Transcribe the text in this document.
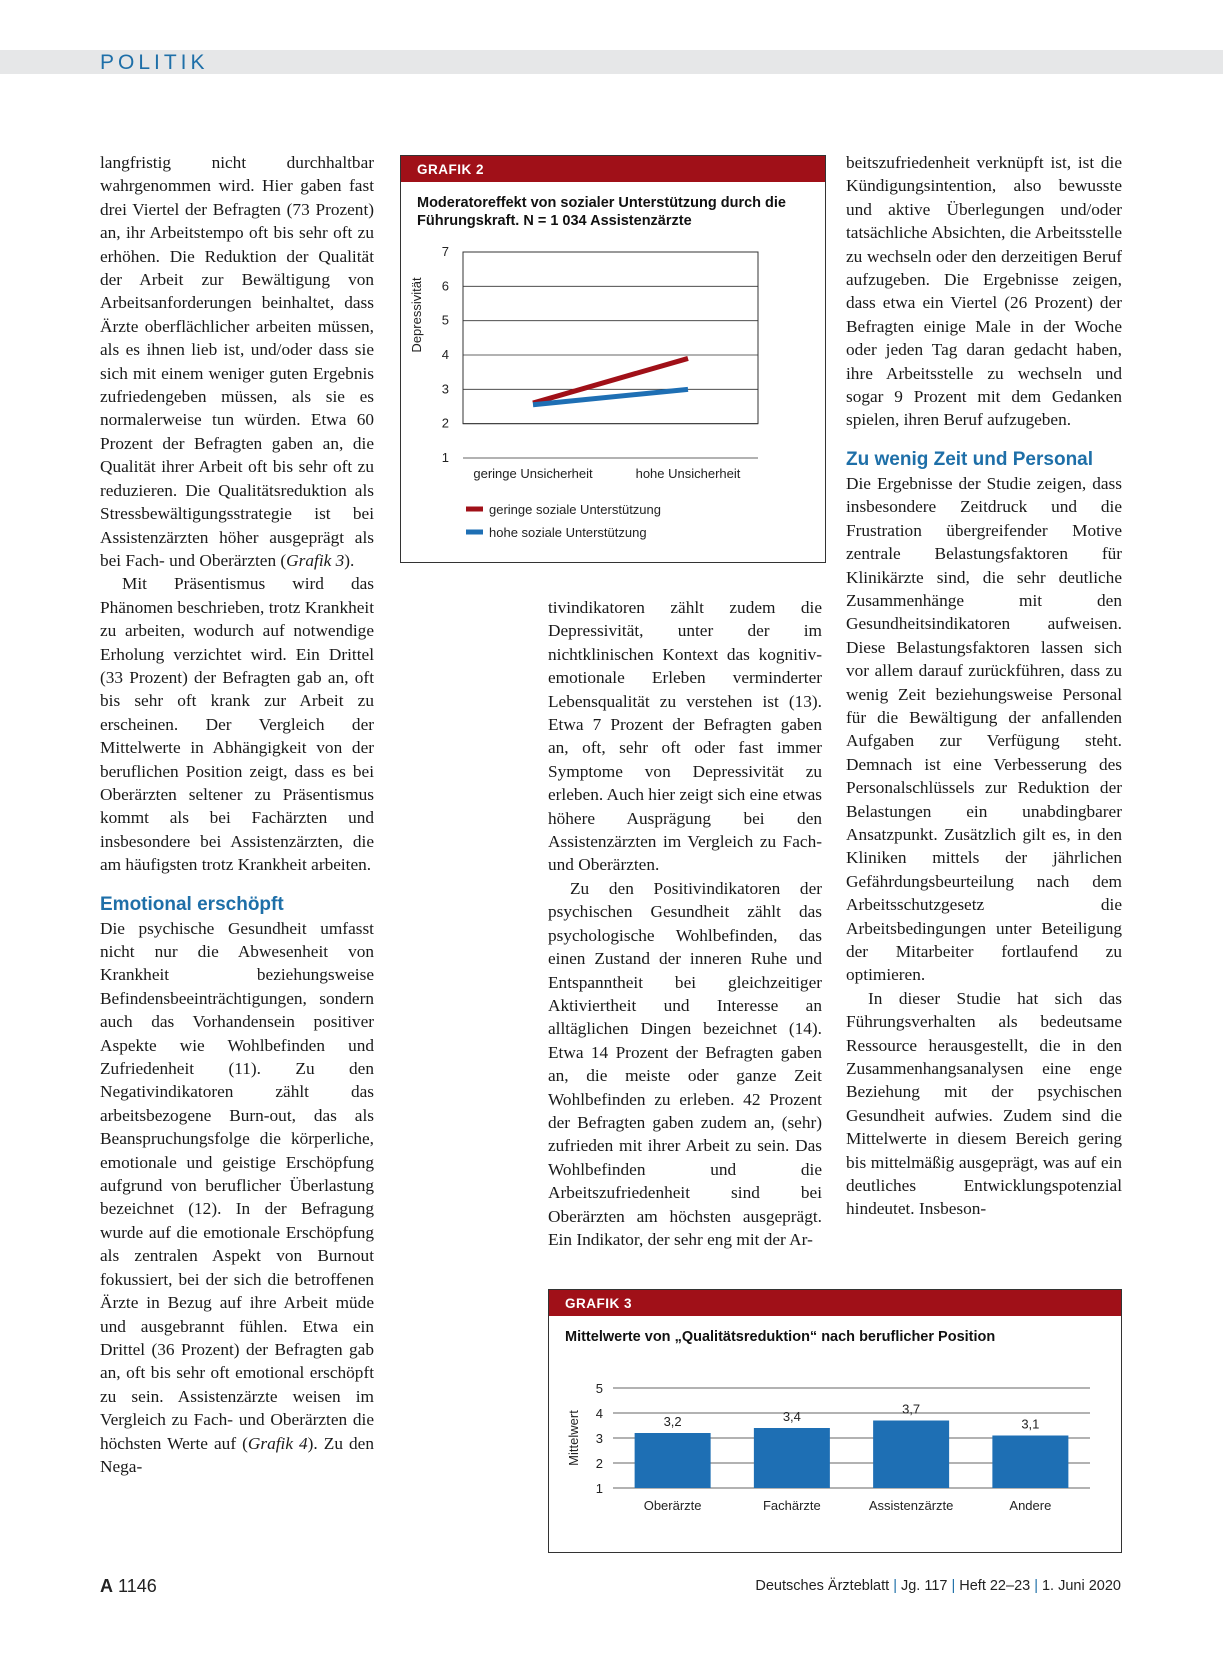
POLITIK

langfristig nicht durchhaltbar wahrgenommen wird. Hier gaben fast drei Viertel der Befragten (73 Prozent) an, ihr Arbeitstempo oft bis sehr oft zu erhöhen. Die Reduktion der Qualität der Arbeit zur Bewältigung von Arbeitsanforderungen beinhaltet, dass Ärzte oberflächlicher arbeiten müssen, als es ihnen lieb ist, und/oder dass sie sich mit einem weniger guten Ergebnis zufriedengeben müssen, als sie es normalerweise tun würden. Etwa 60 Prozent der Befragten gaben an, die Qualität ihrer Arbeit oft bis sehr oft zu reduzieren. Die Qualitätsreduktion als Stressbewältigungsstrategie ist bei Assistenzärzten höher ausgeprägt als bei Fach- und Oberärzten (Grafik 3).

Mit Präsentismus wird das Phänomen beschrieben, trotz Krankheit zu arbeiten, wodurch auf notwendige Erholung verzichtet wird. Ein Drittel (33 Prozent) der Befragten gab an, oft bis sehr oft krank zur Arbeit zu erscheinen. Der Vergleich der Mittelwerte in Abhängigkeit von der beruflichen Position zeigt, dass es bei Oberärzten seltener zu Präsentismus kommt als bei Fachärzten und insbesondere bei Assistenzärzten, die am häufigsten trotz Krankheit arbeiten.

Emotional erschöpft

Die psychische Gesundheit umfasst nicht nur die Abwesenheit von Krankheit beziehungsweise Befindensbeeinträchtigungen, sondern auch das Vorhandensein positiver Aspekte wie Wohlbefinden und Zufriedenheit (11). Zu den Negativindikatoren zählt das arbeitsbezogene Burn-out, das als Beanspruchungsfolge die körperliche, emotionale und geistige Erschöpfung aufgrund von beruflicher Überlastung bezeichnet (12). In der Befragung wurde auf die emotionale Erschöpfung als zentralen Aspekt von Burnout fokussiert, bei der sich die betroffenen Ärzte in Bezug auf ihre Arbeit müde und ausgebrannt fühlen. Etwa ein Drittel (36 Prozent) der Befragten gab an, oft bis sehr oft emotional erschöpft zu sein. Assistenzärzte weisen im Vergleich zu Fach- und Oberärzten die höchsten Werte auf (Grafik 4). Zu den Nega-

tivindikatoren zählt zudem die Depressivität, unter der im nichtklinischen Kontext das kognitiv-emotionale Erleben verminderter Lebensqualität zu verstehen ist (13). Etwa 7 Prozent der Befragten gaben an, oft, sehr oft oder fast immer Symptome von Depressivität zu erleben. Auch hier zeigt sich eine etwas höhere Ausprägung bei den Assistenzärzten im Vergleich zu Fach- und Oberärzten.

Zu den Positivindikatoren der psychischen Gesundheit zählt das psychologische Wohlbefinden, das einen Zustand der inneren Ruhe und Entspanntheit bei gleichzeitiger Aktiviertheit und Interesse an alltäglichen Dingen bezeichnet (14). Etwa 14 Prozent der Befragten gaben an, die meiste oder ganze Zeit Wohlbefinden zu erleben. 42 Prozent der Befragten gaben zudem an, (sehr) zufrieden mit ihrer Arbeit zu sein. Das Wohlbefinden und die Arbeitszufriedenheit sind bei Oberärzten am höchsten ausgeprägt. Ein Indikator, der sehr eng mit der Ar-

beitszufriedenheit verknüpft ist, ist die Kündigungsintention, also bewusste und aktive Überlegungen und/oder tatsächliche Absichten, die Arbeitsstelle zu wechseln oder den derzeitigen Beruf aufzugeben. Die Ergebnisse zeigen, dass etwa ein Viertel (26 Prozent) der Befragten einige Male in der Woche oder jeden Tag daran gedacht haben, ihre Arbeitsstelle zu wechseln und sogar 9 Prozent mit dem Gedanken spielen, ihren Beruf aufzugeben.

Zu wenig Zeit und Personal

Die Ergebnisse der Studie zeigen, dass insbesondere Zeitdruck und die Frustration übergreifender Motive zentrale Belastungsfaktoren für Klinikärzte sind, die sehr deutliche Zusammenhänge mit den Gesundheitsindikatoren aufweisen. Diese Belastungsfaktoren lassen sich vor allem darauf zurückführen, dass zu wenig Zeit beziehungsweise Personal für die Bewältigung der anfallenden Aufgaben zur Verfügung steht. Demnach ist eine Verbesserung des Personalschlüssels zur Reduktion der Belastungen ein unabdingbarer Ansatzpunkt. Zusätzlich gilt es, in den Kliniken mittels der jährlichen Gefährdungsbeurteilung nach dem Arbeitsschutzgesetz die Arbeitsbedingungen unter Beteiligung der Mitarbeiter fortlaufend zu optimieren.

In dieser Studie hat sich das Führungsverhalten als bedeutsame Ressource herausgestellt, die in den Zusammenhangsanalysen eine enge Beziehung mit der psychischen Gesundheit aufwies. Zudem sind die Mittelwerte in diesem Bereich gering bis mittelmäßig ausgeprägt, was auf ein deutliches Entwicklungspotenzial hindeutet. Insbeson-

GRAFIK 2
Moderatoreffekt von sozialer Unterstützung durch die Führungskraft. N = 1 034 Assistenzärzte
1
2
3
4
5
6
7
Depressivität
geringe Unsicherheit	hohe Unsicherheit
geringe soziale Unterstützung
hohe soziale Unterstützung
GRAFIK 3
Mittelwerte von „Qualitätsreduktion“ nach beruflicher Position
1
2
3
4
5
Mittelwert	3,2
Oberärzte
3,4
Fachärzte
3,7
Assistenzärzte
3,1
Andere
A 1146	Deutsches Ärzteblatt | Jg. 117 | Heft 22–23 | 1. Juni 2020
